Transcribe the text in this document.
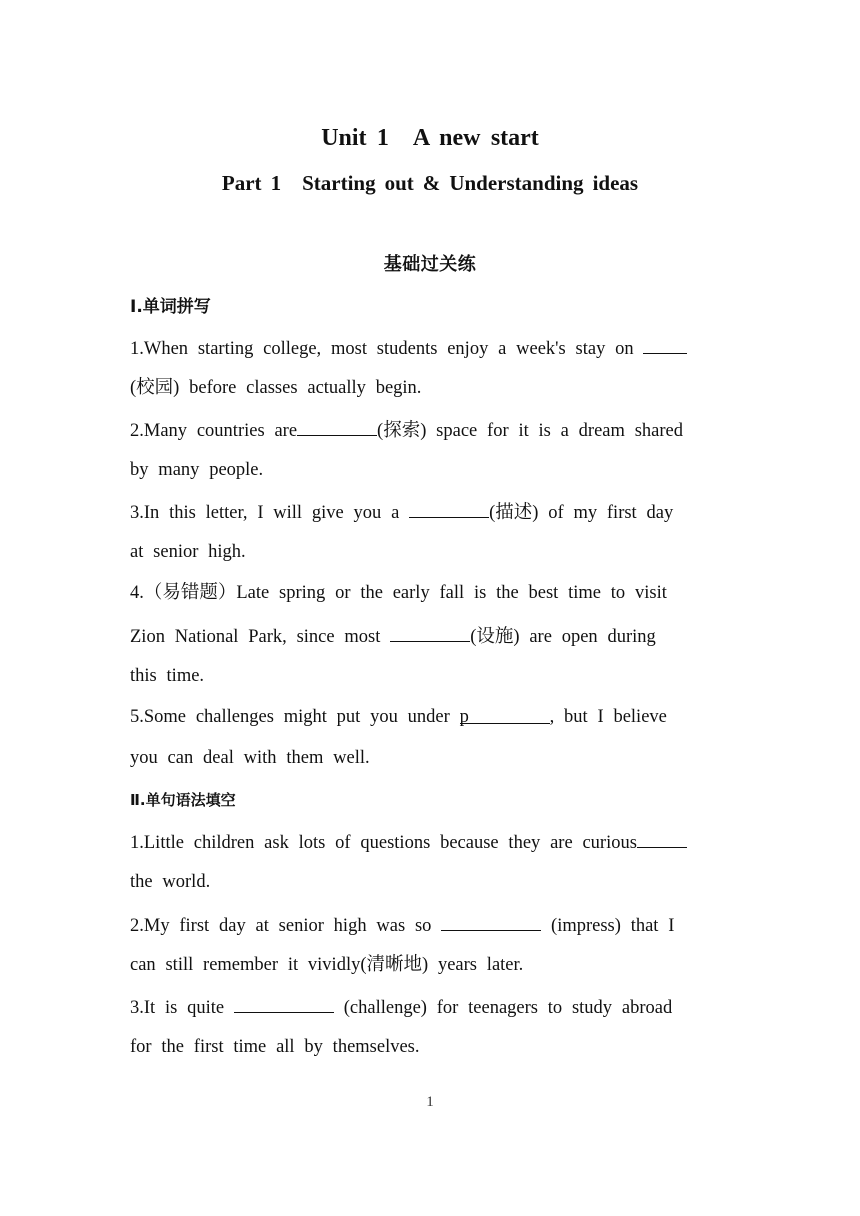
Unit 1　A new start
Part 1　Starting out & Understanding ideas
基础过关练
Ⅰ.单词拼写
1.When starting college, most students enjoy a week's stay on
(校园) before classes actually begin.
2.Many countries are	(探索) space for it is a dream shared
by many people.
3.In this letter, I will give you a	(描述) of my first day
at senior high.
4.（易错题）Late spring or the early fall is the best time to visit
Zion National Park, since most	(设施) are open during
this time.
5.Some challenges might put you under p	, but I believe
you can deal with them well.
Ⅱ.单句语法填空
1.Little children ask lots of questions because they are curious
the world.
2.My first day at senior high was so	(impress) that I
can still remember it vividly(清晰地) years later.
3.It is quite	(challenge) for teenagers to study abroad
for the first time all by themselves.
1
